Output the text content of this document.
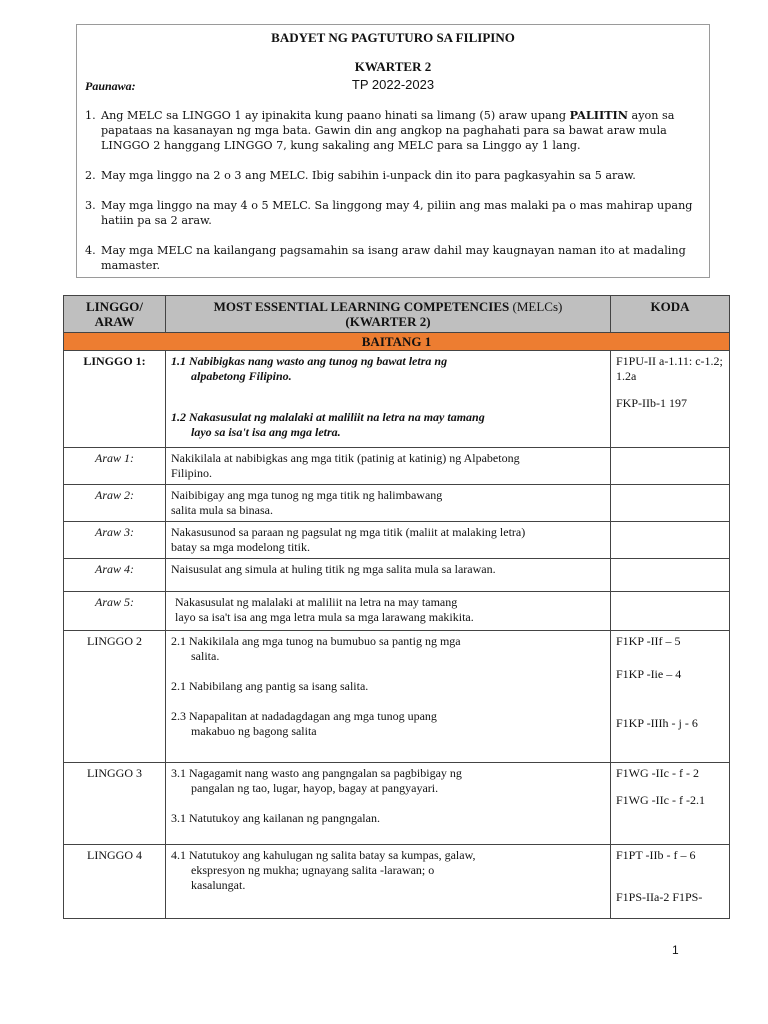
BADYET NG PAGTUTURO SA FILIPINO
KWARTER 2
Paunawa:	TP 2022-2023
1. Ang MELC sa LINGGO 1 ay ipinakita kung paano hinati sa limang (5) araw upang PALIITIN ayon sa papataas na kasanayan ng mga bata. Gawin din ang angkop na paghahati para sa bawat araw mula LINGGO 2 hanggang LINGGO 7, kung sakaling ang MELC para sa Linggo ay 1 lang.
2. May mga linggo na 2 o 3 ang MELC. Ibig sabihin i-unpack din ito para pagkasyahin sa 5 araw.
3. May mga linggo na may 4 o 5 MELC. Sa linggong may 4, piliin ang mas malaki pa o mas mahirap upang hatiin pa sa 2 araw.
4. May mga MELC na kailangang pagsamahin sa isang araw dahil may kaugnayan naman ito at madaling mamaster.
LINGGO/ ARAW	MOST ESSENTIAL LEARNING COMPETENCIES (MELCs)
(KWARTER 2)	KODA
BAITANG 1		
LINGGO 1:	1.1 Nabibigkas nang wasto ang tunog ng bawat letra ng
alpabetong Filipino.
1.2 Nakasusulat ng malalaki at maliliit na letra na may tamang
layo sa isa't isa ang mga letra.	F1PU-II a-1.11: c-1.2; 1.2a
FKP-IIb-1 197
Araw 1:	Nakikilala at nabibigkas ang mga titik (patinig at katinig) ng Alpabetong
Filipino.	
Araw 2:	Naibibigay ang mga tunog ng mga titik ng halimbawang
salita mula sa binasa.	
Araw 3:	Nakasusunod sa paraan ng pagsulat ng mga titik (maliit at malaking letra)
batay sa mga modelong titik.	
Araw 4:	Naisusulat ang simula at huling titik ng mga salita mula sa larawan.	
Araw 5:	Nakasusulat ng malalaki at maliliit na letra na may tamang
layo sa isa't isa ang mga letra mula sa mga larawang makikita.	
LINGGO 2	2.1 Nakikilala ang mga tunog na bumubuo sa pantig ng mga
salita.
2.1 Nabibilang ang pantig sa isang salita.
2.3 Napapalitan at nadadagdagan ang mga tunog upang
makabuo ng bagong salita	F1KP -IIf – 5
F1KP -Iie – 4
F1KP -IIIh - j - 6
LINGGO 3	3.1 Nagagamit nang wasto ang pangngalan sa pagbibigay ng
pangalan ng tao, lugar, hayop, bagay at pangyayari.
3.1 Natutukoy ang kailanan ng pangngalan.	F1WG -IIc - f - 2
F1WG -IIc - f -2.1
LINGGO 4	4.1 Natutukoy ang kahulugan ng salita batay sa kumpas, galaw,
ekspresyon ng mukha; ugnayang salita -larawan; o
kasalungat.	F1PT -IIb - f – 6
F1PS-IIa-2 F1PS-
1
